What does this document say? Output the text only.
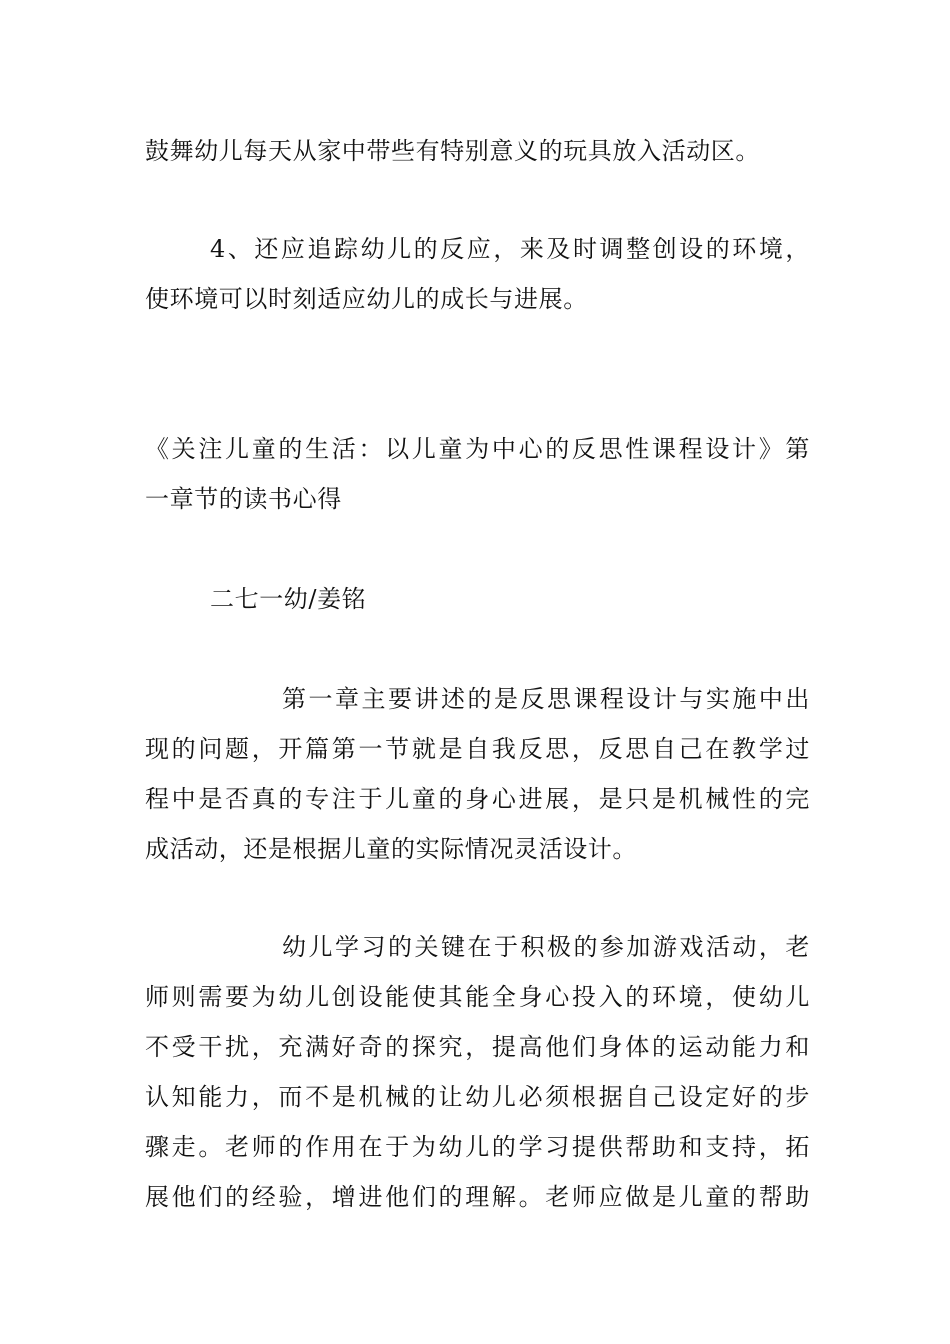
鼓舞幼儿每天从家中带些有特别意义的玩具放入活动区。
4、还应追踪幼儿的反应，来及时调整创设的环境，
使环境可以时刻适应幼儿的成长与进展。
《关注儿童的生活：以儿童为中心的反思性课程设计》第
一章节的读书心得
二七一幼/姜铭
第一章主要讲述的是反思课程设计与实施中出
现的问题，开篇第一节就是自我反思，反思自己在教学过
程中是否真的专注于儿童的身心进展，是只是机械性的完
成活动，还是根据儿童的实际情况灵活设计。
幼儿学习的关键在于积极的参加游戏活动，老
师则需要为幼儿创设能使其能全身心投入的环境，使幼儿
不受干扰，充满好奇的探究，提高他们身体的运动能力和
认知能力，而不是机械的让幼儿必须根据自己设定好的步
骤走。老师的作用在于为幼儿的学习提供帮助和支持，拓
展他们的经验，增进他们的理解。老师应做是儿童的帮助
